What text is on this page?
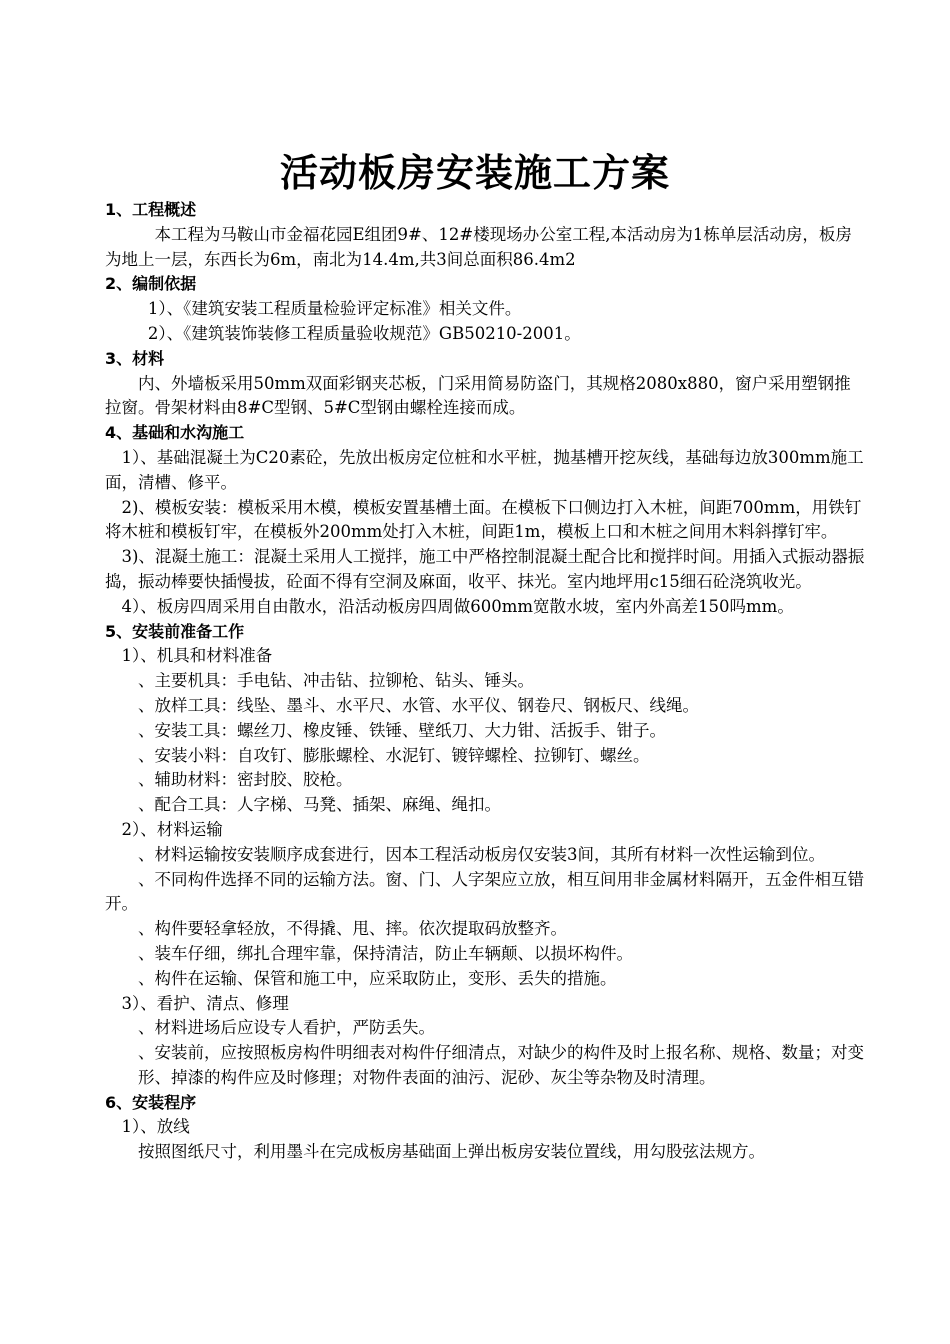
活动板房安装施工方案

1、工程概述

本工程为马鞍山市金福花园E组团9#、12#楼现场办公室工程,本活动房为1栋单层活动房，板房为地上一层，东西长为6m，南北为14.4m,共3间总面积86.4m2

2、编制依据

1）、《建筑安装工程质量检验评定标准》相关文件。

2）、《建筑装饰装修工程质量验收规范》GB50210-2001。

3、材料

内、外墙板采用50mm双面彩钢夹芯板，门采用简易防盗门，其规格2080x880，窗户采用塑钢推拉窗。骨架材料由8#C型钢、5#C型钢由螺栓连接而成。

4、基础和水沟施工

1）、基础混凝土为C20素砼，先放出板房定位桩和水平桩，抛基槽开挖灰线，基础每边放300mm施工面，清槽、修平。

2)、模板安装：模板采用木模，模板安置基槽土面。在模板下口侧边打入木桩，间距700mm，用铁钉将木桩和模板钉牢，在模板外200mm处打入木桩，间距1m，模板上口和木桩之间用木料斜撑钉牢。

3)、混凝土施工：混凝土采用人工搅拌，施工中严格控制混凝土配合比和搅拌时间。用插入式振动器振捣，振动棒要快插慢拔，砼面不得有空洞及麻面，收平、抹光。室内地坪用c15细石砼浇筑收光。

4）、板房四周采用自由散水，沿活动板房四周做600mm宽散水坡，室内外高差150吗mm。

5、安装前准备工作

1）、机具和材料准备

、主要机具：手电钻、冲击钻、拉铆枪、钻头、锤头。

、放样工具：线坠、墨斗、水平尺、水管、水平仪、钢卷尺、钢板尺、线绳。

、安装工具：螺丝刀、橡皮锤、铁锤、壁纸刀、大力钳、活扳手、钳子。

、安装小料：自攻钉、膨胀螺栓、水泥钉、镀锌螺栓、拉铆钉、螺丝。

、辅助材料：密封胶、胶枪。

、配合工具：人字梯、马凳、插架、麻绳、绳扣。

2）、材料运输

、材料运输按安装顺序成套进行，因本工程活动板房仅安装3间，其所有材料一次性运输到位。

、不同构件选择不同的运输方法。窗、门、人字架应立放，相互间用非金属材料隔开，五金件相互错开。

、构件要轻拿轻放，不得撬、甩、摔。依次提取码放整齐。

、装车仔细，绑扎合理牢靠，保持清洁，防止车辆颠、以损坏构件。

、构件在运输、保管和施工中，应采取防止，变形、丢失的措施。

3）、看护、清点、修理

、材料进场后应设专人看护，严防丢失。

、安装前，应按照板房构件明细表对构件仔细清点，对缺少的构件及时上报名称、规格、数量；对变形、掉漆的构件应及时修理；对物件表面的油污、泥砂、灰尘等杂物及时清理。

6、安装程序

1）、放线

按照图纸尺寸，利用墨斗在完成板房基础面上弹出板房安装位置线，用勾股弦法规方。
